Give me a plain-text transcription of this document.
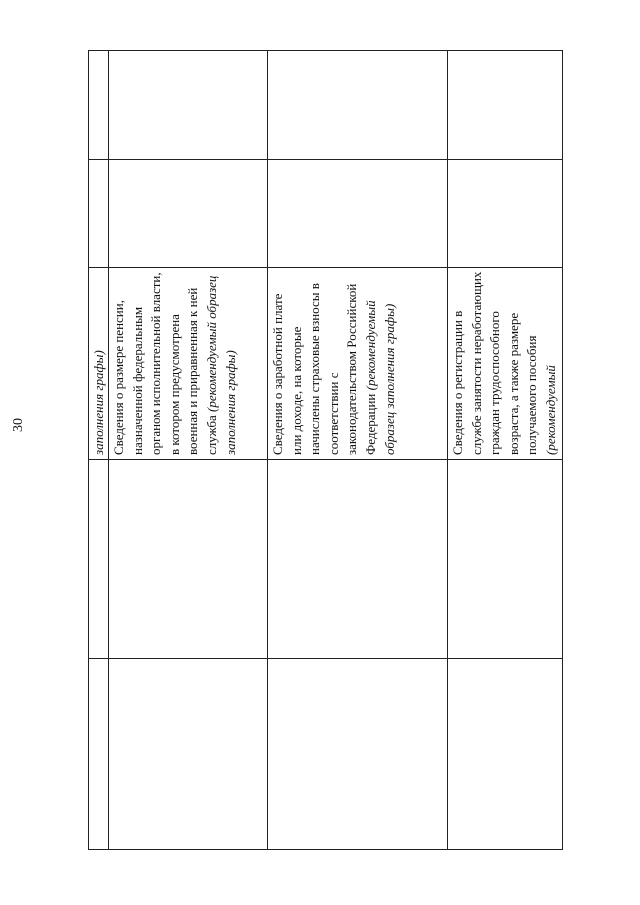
30	заполнения графы) Сведения о размере пенсии, назначенной федеральным органом исполнительной власти, в котором предусмотрена военная и приравненная к ней служба (рекомендуемый образец заполнения графы) Сведения о заработной плате или доходе, на которые начислены страховые взносы в соответствии с законодательством Российской Федерации (рекомендуемый образец заполнения графы)	Сведения о регистрации в службе занятости неработающих граждан трудоспособного возраста, а также размере получаемого пособия (рекомендуемый
